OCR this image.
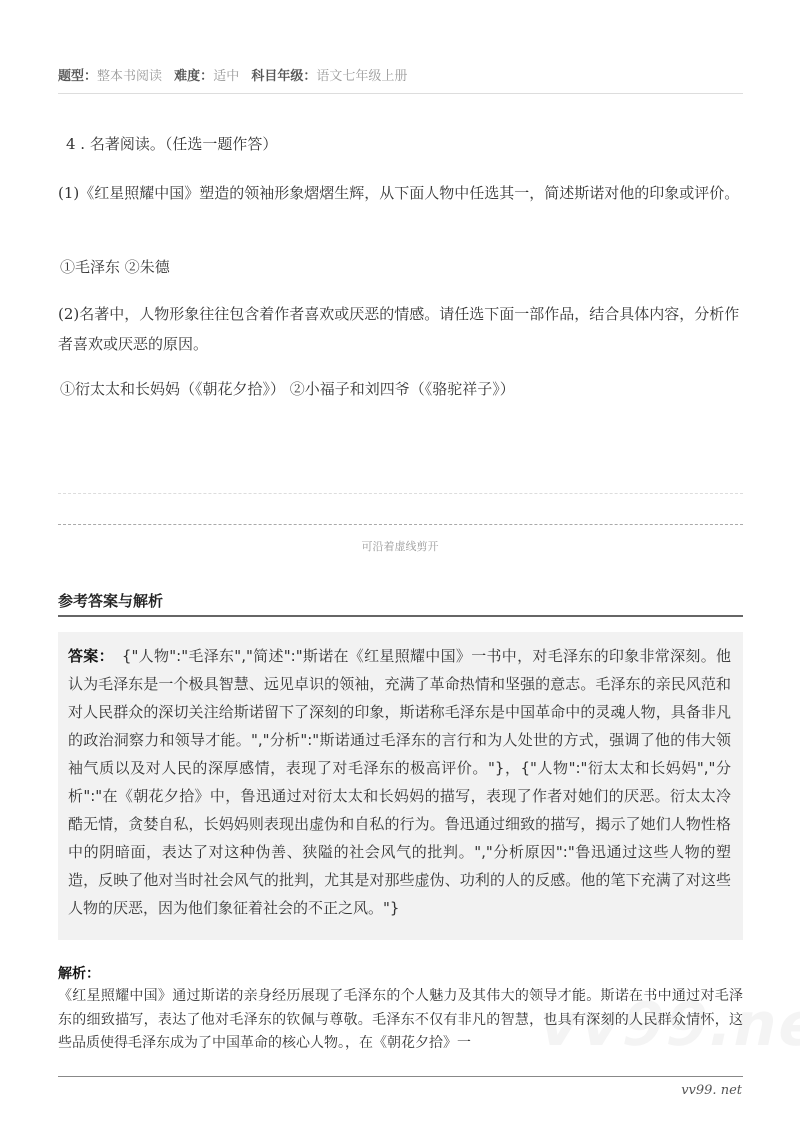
题型：整本书阅读 难度：适中 科目年级：语文七年级上册
4 . 名著阅读。（任选一题作答）
(1)《红星照耀中国》塑造的领袖形象熠熠生辉，从下面人物中任选其一，简述斯诺对他的印象或评价。
①毛泽东 ②朱德
(2)名著中，人物形象往往包含着作者喜欢或厌恶的情感。请任选下面一部作品，结合具体内容，分析作者喜欢或厌恶的原因。
①衍太太和长妈妈（《朝花夕拾》） ②小福子和刘四爷（《骆驼祥子》）
可沿着虚线剪开
参考答案与解析
答案： {"人物":"毛泽东","简述":"斯诺在《红星照耀中国》一书中，对毛泽东的印象非常深刻。他认为毛泽东是一个极具智慧、远见卓识的领袖，充满了革命热情和坚强的意志。毛泽东的亲民风范和对人民群众的深切关注给斯诺留下了深刻的印象，斯诺称毛泽东是中国革命中的灵魂人物，具备非凡的政治洞察力和领导才能。","分析":"斯诺通过毛泽东的言行和为人处世的方式，强调了他的伟大领袖气质以及对人民的深厚感情，表现了对毛泽东的极高评价。"}，{"人物":"衍太太和长妈妈","分析":"在《朝花夕拾》中，鲁迅通过对衍太太和长妈妈的描写，表现了作者对她们的厌恶。衍太太冷酷无情，贪婪自私，长妈妈则表现出虚伪和自私的行为。鲁迅通过细致的描写，揭示了她们人物性格中的阴暗面，表达了对这种伪善、狭隘的社会风气的批判。","分析原因":"鲁迅通过这些人物的塑造，反映了他对当时社会风气的批判，尤其是对那些虚伪、功利的人的反感。他的笔下充满了对这些人物的厌恶，因为他们象征着社会的不正之风。"}
解析：
《红星照耀中国》通过斯诺的亲身经历展现了毛泽东的个人魅力及其伟大的领导才能。斯诺在书中通过对毛泽东的细致描写，表达了他对毛泽东的钦佩与尊敬。毛泽东不仅有非凡的智慧，也具有深刻的人民群众情怀，这些品质使得毛泽东成为了中国革命的核心人物。，在《朝花夕拾》一
vv99. net
